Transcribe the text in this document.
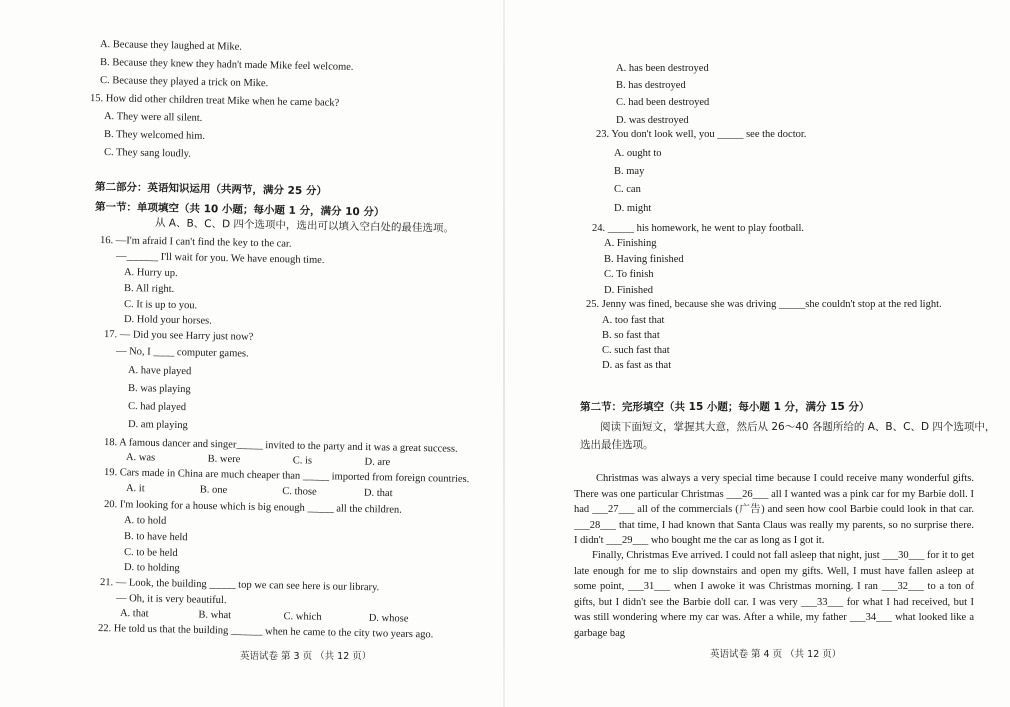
A. Because they laughed at Mike.
B. Because they knew they hadn't made Mike feel welcome.
C. Because they played a trick on Mike.
15. How did other children treat Mike when he came back?
A. They were all silent.
B. They welcomed him.
C. They sang loudly.
第二部分：英语知识运用（共两节，满分 25 分）
第一节：单项填空（共 10 小题；每小题 1 分，满分 10 分）
从 A、B、C、D 四个选项中，选出可以填入空白处的最佳选项。
16. —I'm afraid I can't find the key to the car.
—______ I'll wait for you. We have enough time.
A. Hurry up.
B. All right.
C. It is up to you.
D. Hold your horses.
17. — Did you see Harry just now?
— No, I ____ computer games.
A. have played
B. was playing
C. had played
D. am playing
18. A famous dancer and singer_____ invited to the party and it was a great success.
A. was                    B. were                    C. is                    D. are
19. Cars made in China are much cheaper than _____ imported from foreign countries.
A. it                     B. one                     C. those                  D. that
20. I'm looking for a house which is big enough _____ all the children.
A. to hold
B. to have held
C. to be held
D. to holding
21. — Look, the building _____ top we can see here is our library.
— Oh, it is very beautiful.
A. that                   B. what                    C. which                  D. whose
22. He told us that the building ______ when he came to the city two years ago.
英语试卷 第 3 页 （共 12 页）
A. has been destroyed
B. has destroyed
C. had been destroyed
D. was destroyed
23. You don't look well, you _____ see the doctor.
A. ought to
B. may
C. can
D. might
24. _____ his homework, he went to play football.
A. Finishing
B. Having finished
C. To finish
D. Finished
25. Jenny was fined, because she was driving _____she couldn't stop at the red light.
A. too fast that
B. so fast that
C. such fast that
D. as fast as that
第二节：完形填空（共 15 小题；每小题 1 分，满分 15 分）
阅读下面短文，掌握其大意，然后从 26～40 各题所给的 A、B、C、D 四个选项中，
选出最佳选项。
Christmas was always a very special time because I could receive many wonderful gifts. There was one particular Christmas ___26___ all I wanted was a pink car for my Barbie doll. I had ___27___ all of the commercials (广告) and seen how cool Barbie could look in that car. ___28___ that time, I had known that Santa Claus was really my parents, so no surprise there. I didn't ___29___ who bought me the car as long as I got it.
Finally, Christmas Eve arrived. I could not fall asleep that night, just ___30___ for it to get late enough for me to slip downstairs and open my gifts. Well, I must have fallen asleep at some point, ___31___ when I awoke it was Christmas morning. I ran ___32___ to a ton of gifts, but I didn't see the Barbie doll car. I was very ___33___ for what I had received, but I was still wondering where my car was. After a while, my father ___34___ what looked like a garbage bag
英语试卷 第 4 页 （共 12 页）
